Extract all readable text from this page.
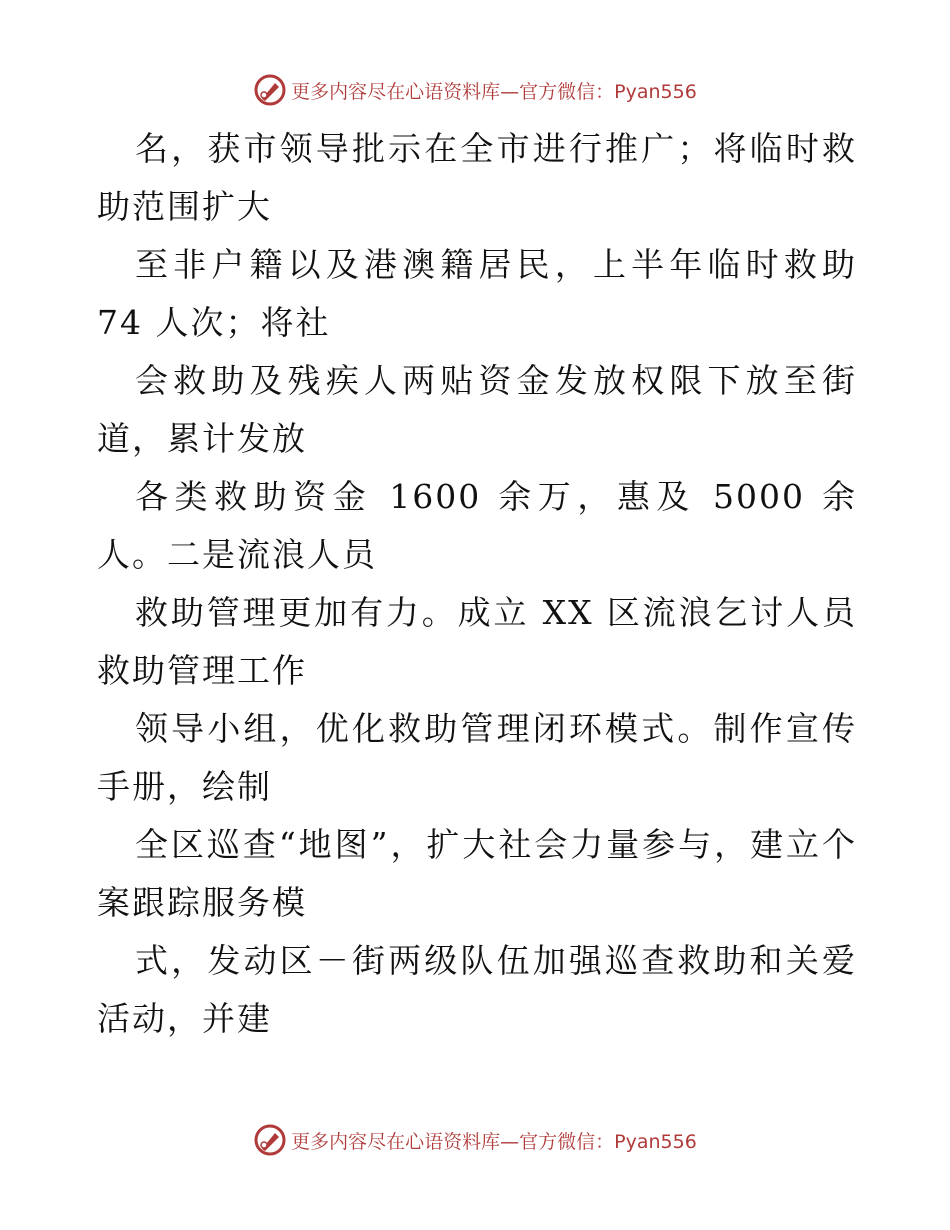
更多内容尽在心语资料库—官方微信：Pyan556

名，获市领导批示在全市进行推广；将临时救助范围扩大

至非户籍以及港澳籍居民，上半年临时救助 74 人次；将社

会救助及残疾人两贴资金发放权限下放至街道，累计发放

各类救助资金 1600 余万，惠及 5000 余人。二是流浪人员

救助管理更加有力。成立 XX 区流浪乞讨人员救助管理工作

领导小组，优化救助管理闭环模式。制作宣传手册，绘制

全区巡查“地图”，扩大社会力量参与，建立个案跟踪服务模

式，发动区－街两级队伍加强巡查救助和关爱活动，并建

更多内容尽在心语资料库—官方微信：Pyan556
